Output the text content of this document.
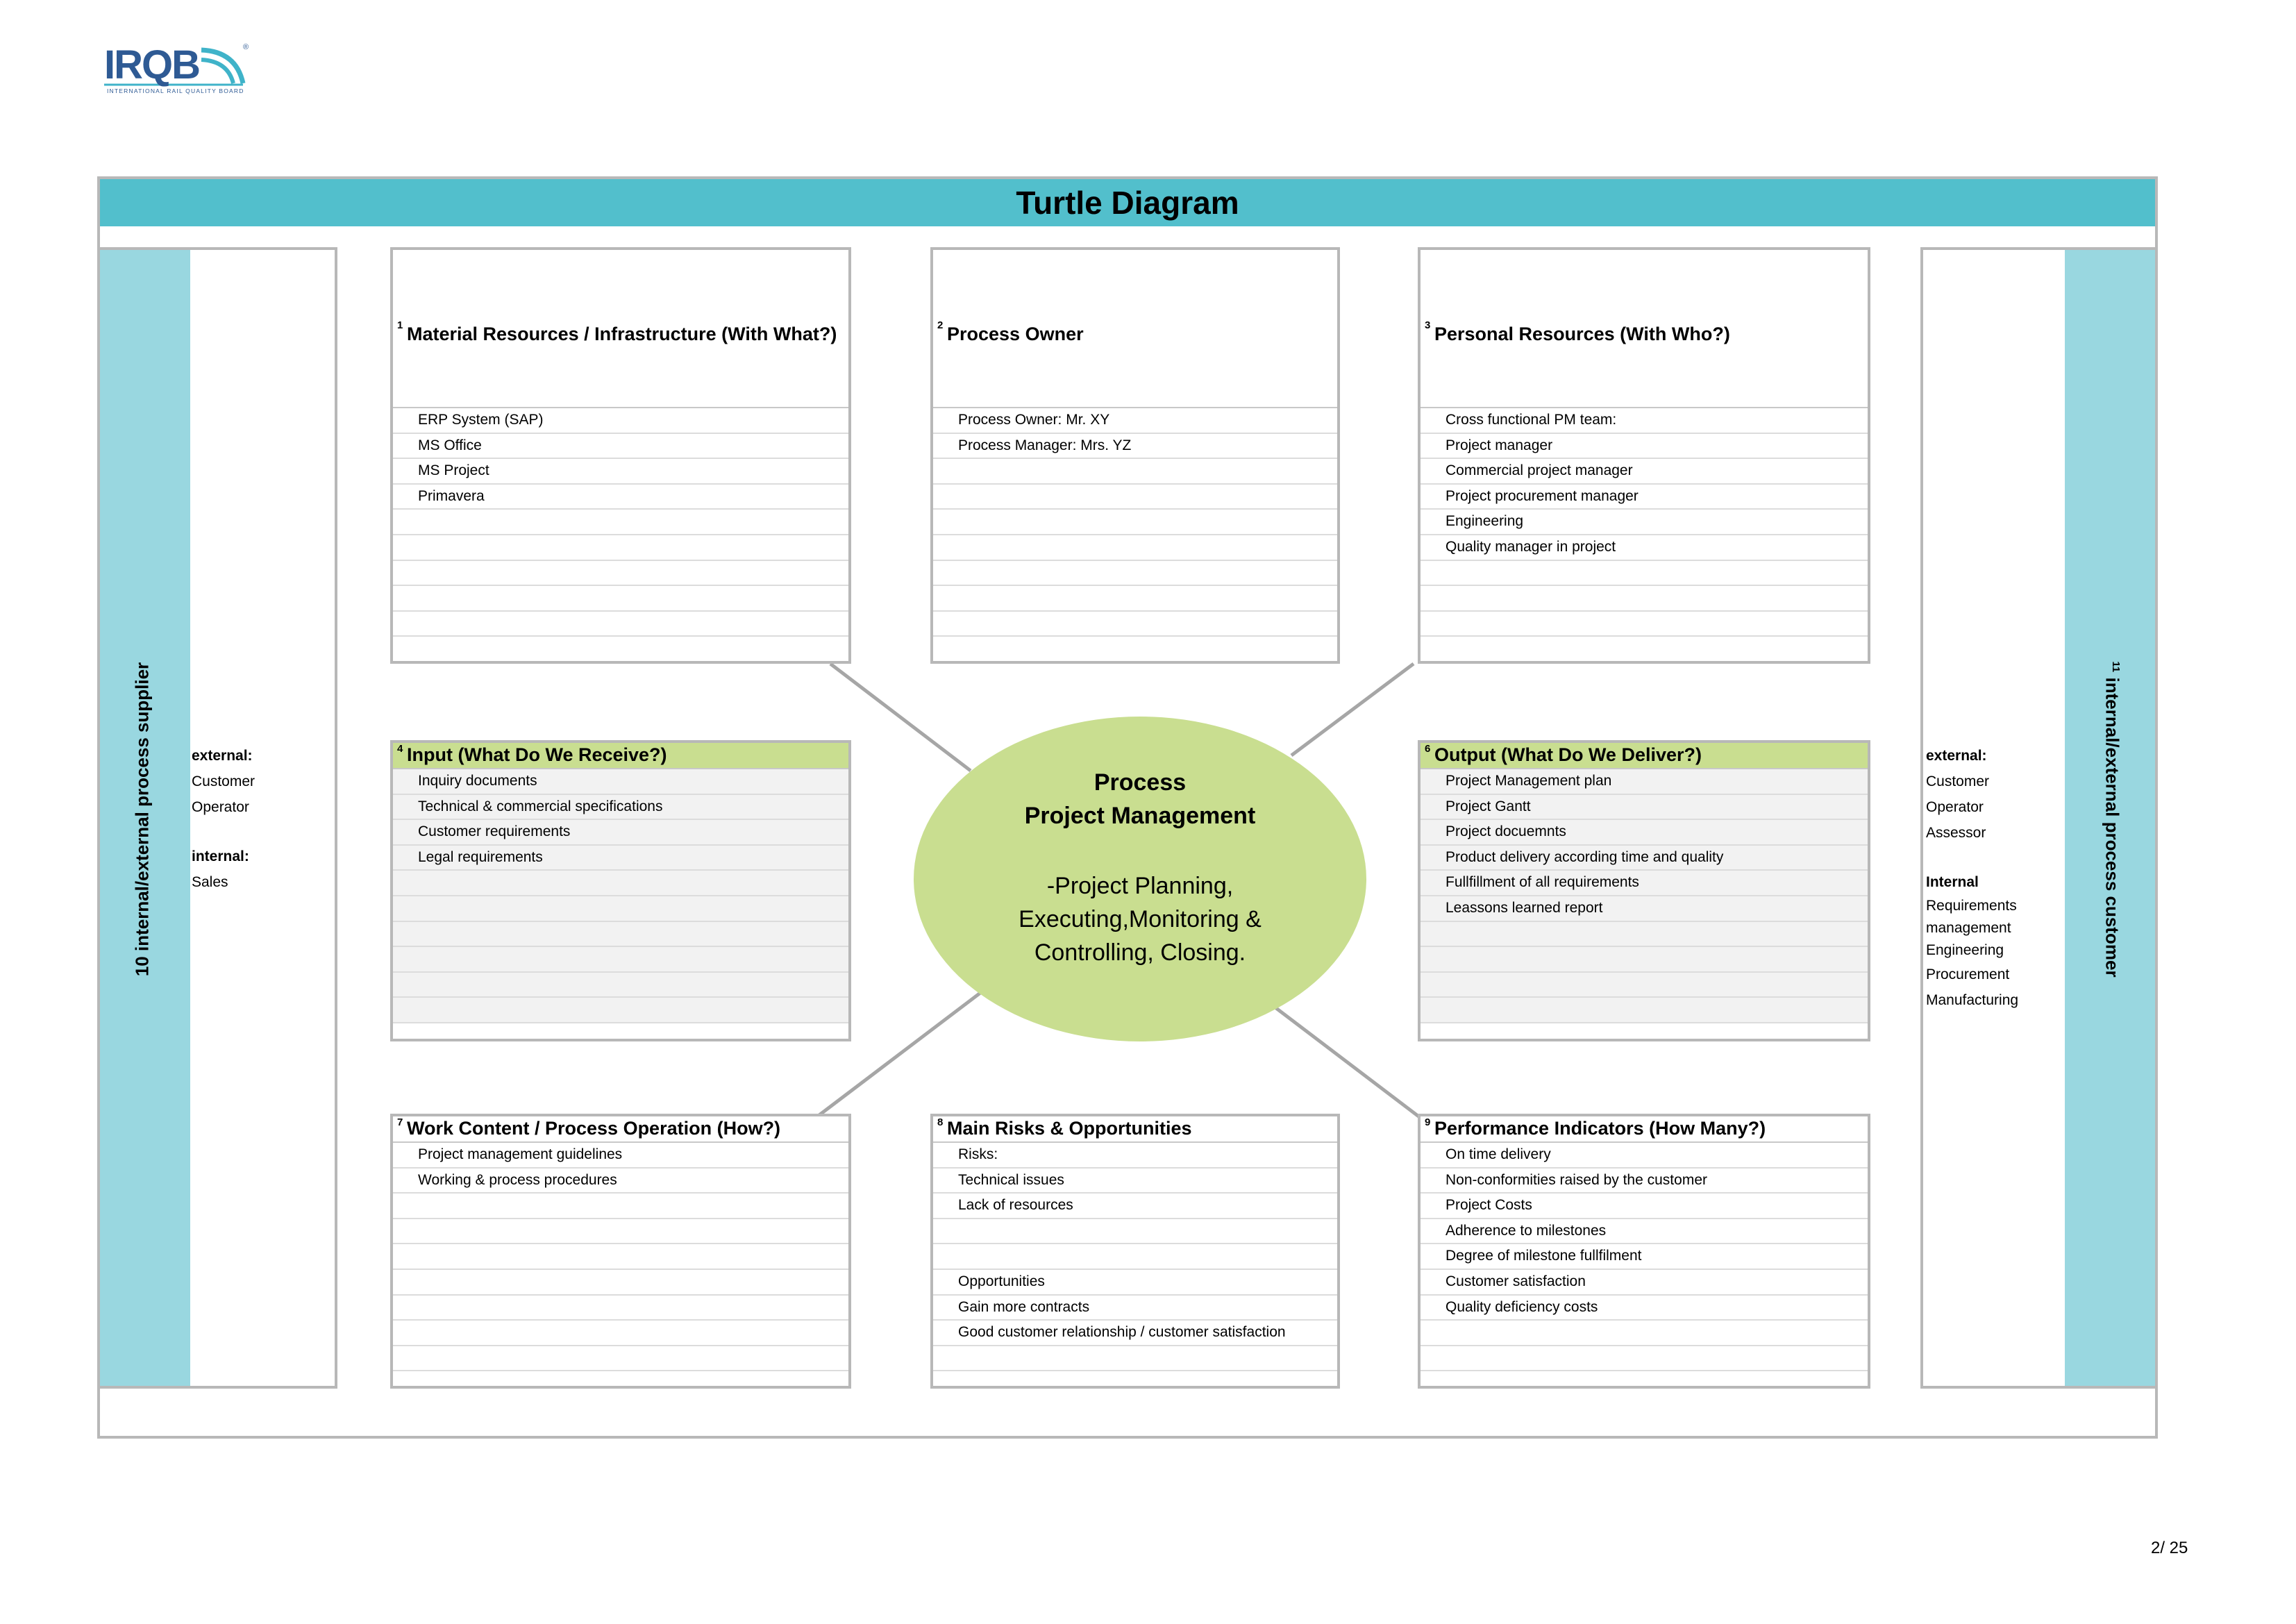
IRQB	®
INTERNATIONAL RAIL QUALITY BOARD
Turtle Diagram
10 internal/external process supplier	external:
Customer
Operator
internal:
Sales
$^{11}$ internal/external process customer
external:
Customer
Operator
Assessor
Internal
Requirements
management
Engineering
Procurement
Manufacturing
1 Material Resources / Infrastructure (With What?)
ERP System (SAP)
MS Office
MS Project
Primavera
2 Process Owner
Process Owner: Mr. XY
Process Manager: Mrs. YZ
3 Personal Resources (With Who?)
Cross functional PM team:
Project manager
Commercial project manager
Project procurement manager
Engineering
Quality manager in project
4 Input (What Do We Receive?)
Inquiry documents
Technical & commercial specifications
Customer requirements
Legal requirements
6 Output (What Do We Deliver?)
Project Management plan
Project Gantt
Project docuemnts
Product delivery according time and quality
Fullfillment of all requirements
Leassons learned report
7 Work Content / Process Operation (How?)
Project management guidelines
Working & process procedures
8 Main Risks & Opportunities
Risks:
Technical issues
Lack of resources
Opportunities
Gain more contracts
Good customer relationship / customer satisfaction
9 Performance Indicators (How Many?)
On time delivery
Non-conformities raised by the customer
Project Costs
Adherence to milestones
Degree of milestone fullfilment
Customer satisfaction
Quality deficiency costs
Process
Project Management
-Project Planning,
Executing,Monitoring &
Controlling, Closing.
2/ 25
